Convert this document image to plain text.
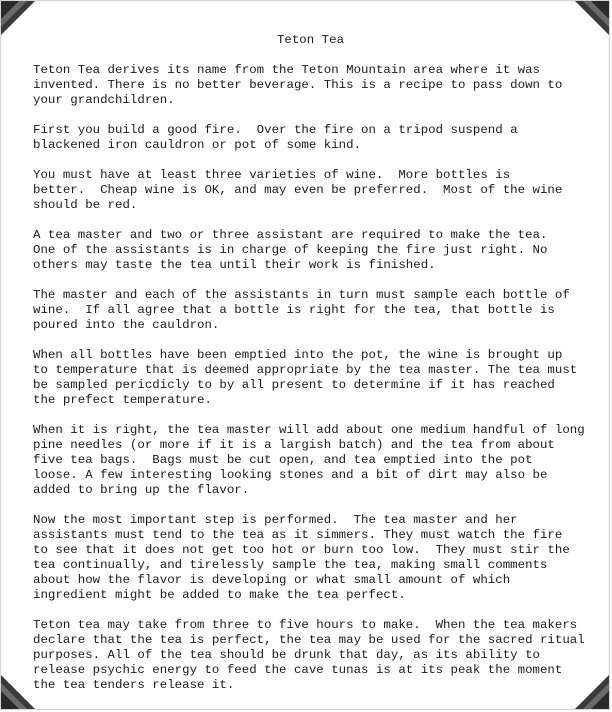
Teton Tea
Teton Tea derives its name from the Teton Mountain area where it was
invented. There is no better beverage. This is a recipe to pass down to
your grandchildren.
First you build a good fire.  Over the fire on a tripod suspend a
blackened iron cauldron or pot of some kind.
You must have at least three varieties of wine.  More bottles is
better.  Cheap wine is OK, and may even be preferred.  Most of the wine
should be red.
A tea master and two or three assistant are required to make the tea.
One of the assistants is in charge of keeping the fire just right. No
others may taste the tea until their work is finished.
The master and each of the assistants in turn must sample each bottle of
wine.  If all agree that a bottle is right for the tea, that bottle is
poured into the cauldron.
When all bottles have been emptied into the pot, the wine is brought up
to temperature that is deemed appropriate by the tea master. The tea must
be sampled pericdicly to by all present to determine if it has reached
the prefect temperature.
When it is right, the tea master will add about one medium handful of long
pine needles (or more if it is a largish batch) and the tea from about
five tea bags.  Bags must be cut open, and tea emptied into the pot
loose. A few interesting looking stones and a bit of dirt may also be
added to bring up the flavor.
Now the most important step is performed.  The tea master and her
assistants must tend to the tea as it simmers. They must watch the fire
to see that it does not get too hot or burn too low.  They must stir the
tea continually, and tirelessly sample the tea, making small comments
about how the flavor is developing or what small amount of which
ingredient might be added to make the tea perfect.
Teton tea may take from three to five hours to make.  When the tea makers
declare that the tea is perfect, the tea may be used for the sacred ritual
purposes. All of the tea should be drunk that day, as its ability to
release psychic energy to feed the cave tunas is at its peak the moment
the tea tenders release it.
